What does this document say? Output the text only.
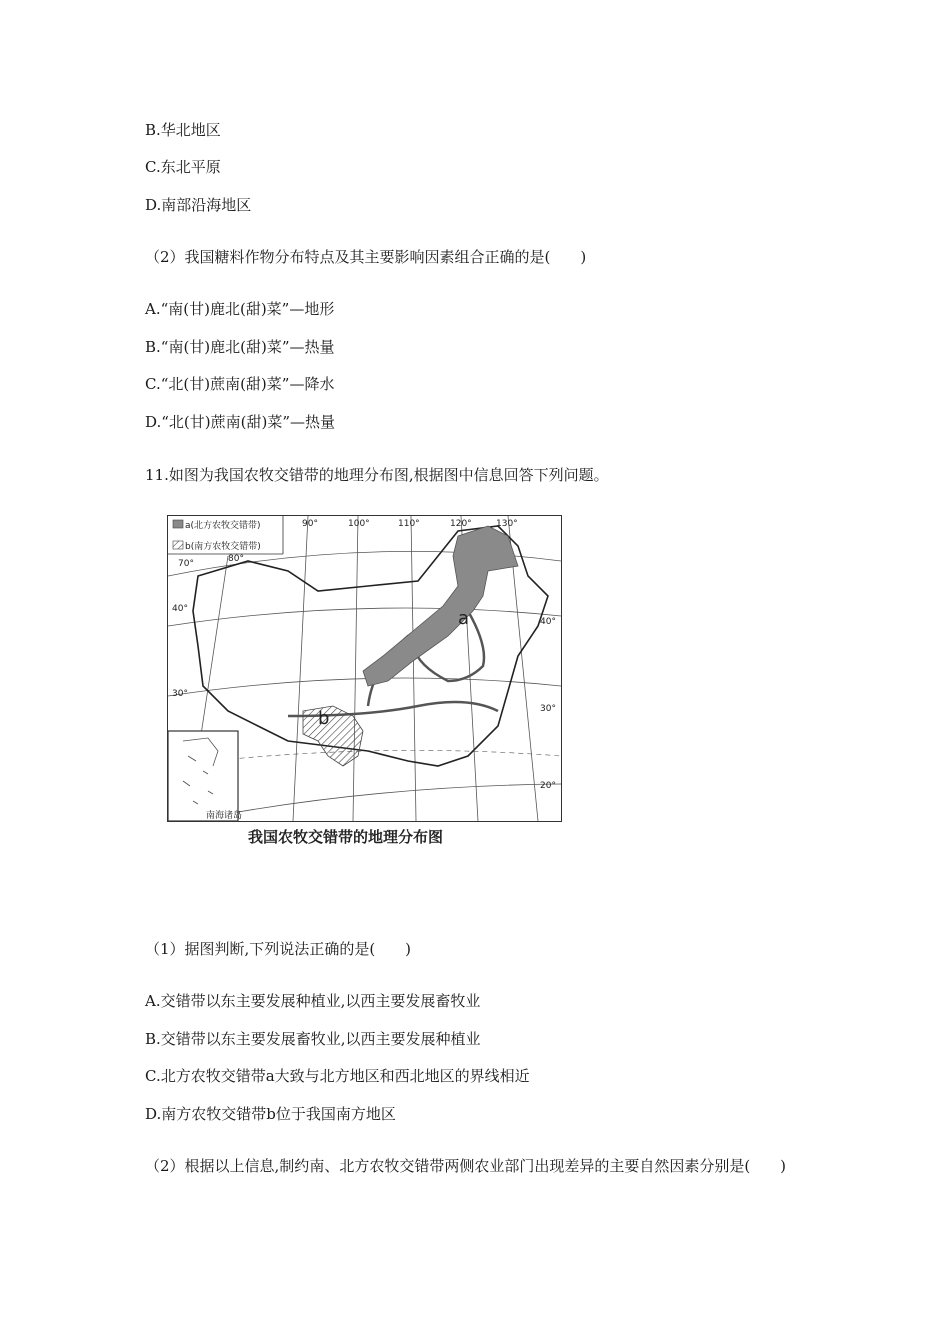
B.华北地区
C.东北平原
D.南部沿海地区
（2）我国糖料作物分布特点及其主要影响因素组合正确的是(　　)
A.“南(甘)鹿北(甜)菜”—地形
B.“南(甘)鹿北(甜)菜”—热量
C.“北(甘)蔗南(甜)菜”—降水
D.“北(甘)蔗南(甜)菜”—热量
11.如图为我国农牧交错带的地理分布图,根据图中信息回答下列问题。
南海诸岛
a(北方农牧交错带)
b(南方农牧交错带)
90°	100°	110°	120°	130°
70°	80°
40°
30°
40°
30°
20°
a
b
我国农牧交错带的地理分布图
（1）据图判断,下列说法正确的是(　　)
A.交错带以东主要发展种植业,以西主要发展畜牧业
B.交错带以东主要发展畜牧业,以西主要发展种植业
C.北方农牧交错带a大致与北方地区和西北地区的界线相近
D.南方农牧交错带b位于我国南方地区
（2）根据以上信息,制约南、北方农牧交错带两侧农业部门出现差异的主要自然因素分别是(　　)
